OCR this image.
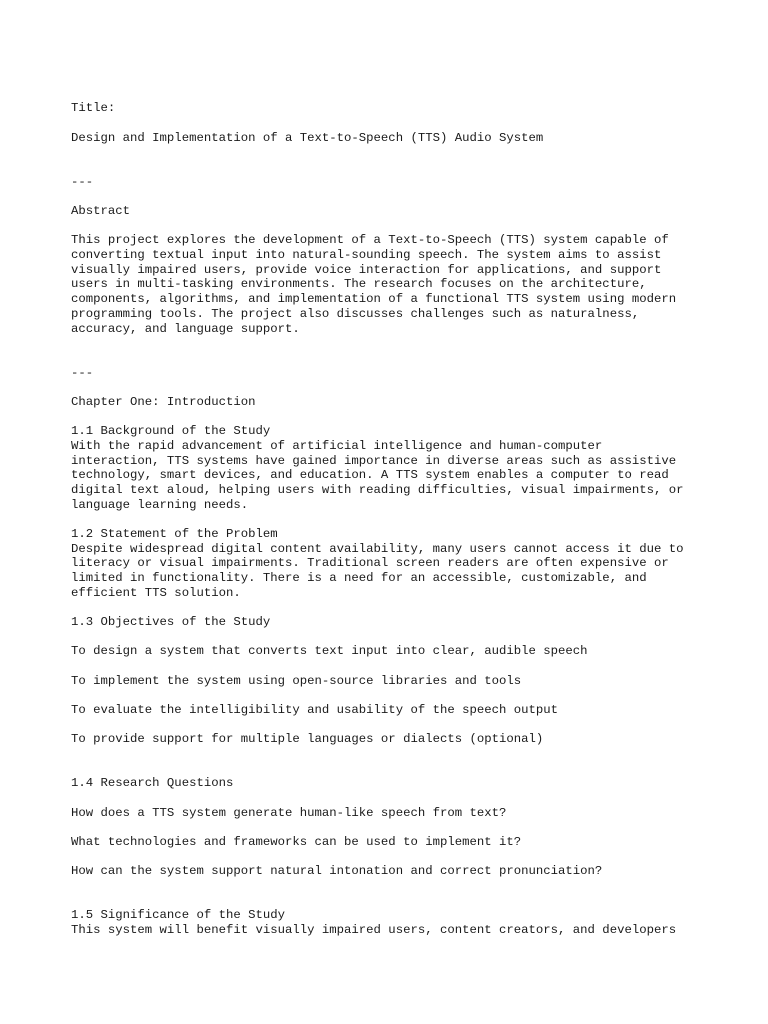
Title:

Design and Implementation of a Text-to-Speech (TTS) Audio System

---

Abstract

This project explores the development of a Text-to-Speech (TTS) system capable of

converting textual input into natural-sounding speech. The system aims to assist

visually impaired users, provide voice interaction for applications, and support

users in multi-tasking environments. The research focuses on the architecture,

components, algorithms, and implementation of a functional TTS system using modern

programming tools. The project also discusses challenges such as naturalness,

accuracy, and language support.

---

Chapter One: Introduction

1.1 Background of the Study

With the rapid advancement of artificial intelligence and human-computer

interaction, TTS systems have gained importance in diverse areas such as assistive

technology, smart devices, and education. A TTS system enables a computer to read

digital text aloud, helping users with reading difficulties, visual impairments, or

language learning needs.

1.2 Statement of the Problem

Despite widespread digital content availability, many users cannot access it due to

literacy or visual impairments. Traditional screen readers are often expensive or

limited in functionality. There is a need for an accessible, customizable, and

efficient TTS solution.

1.3 Objectives of the Study

To design a system that converts text input into clear, audible speech

To implement the system using open-source libraries and tools

To evaluate the intelligibility and usability of the speech output

To provide support for multiple languages or dialects (optional)

1.4 Research Questions

How does a TTS system generate human-like speech from text?

What technologies and frameworks can be used to implement it?

How can the system support natural intonation and correct pronunciation?

1.5 Significance of the Study

This system will benefit visually impaired users, content creators, and developers
